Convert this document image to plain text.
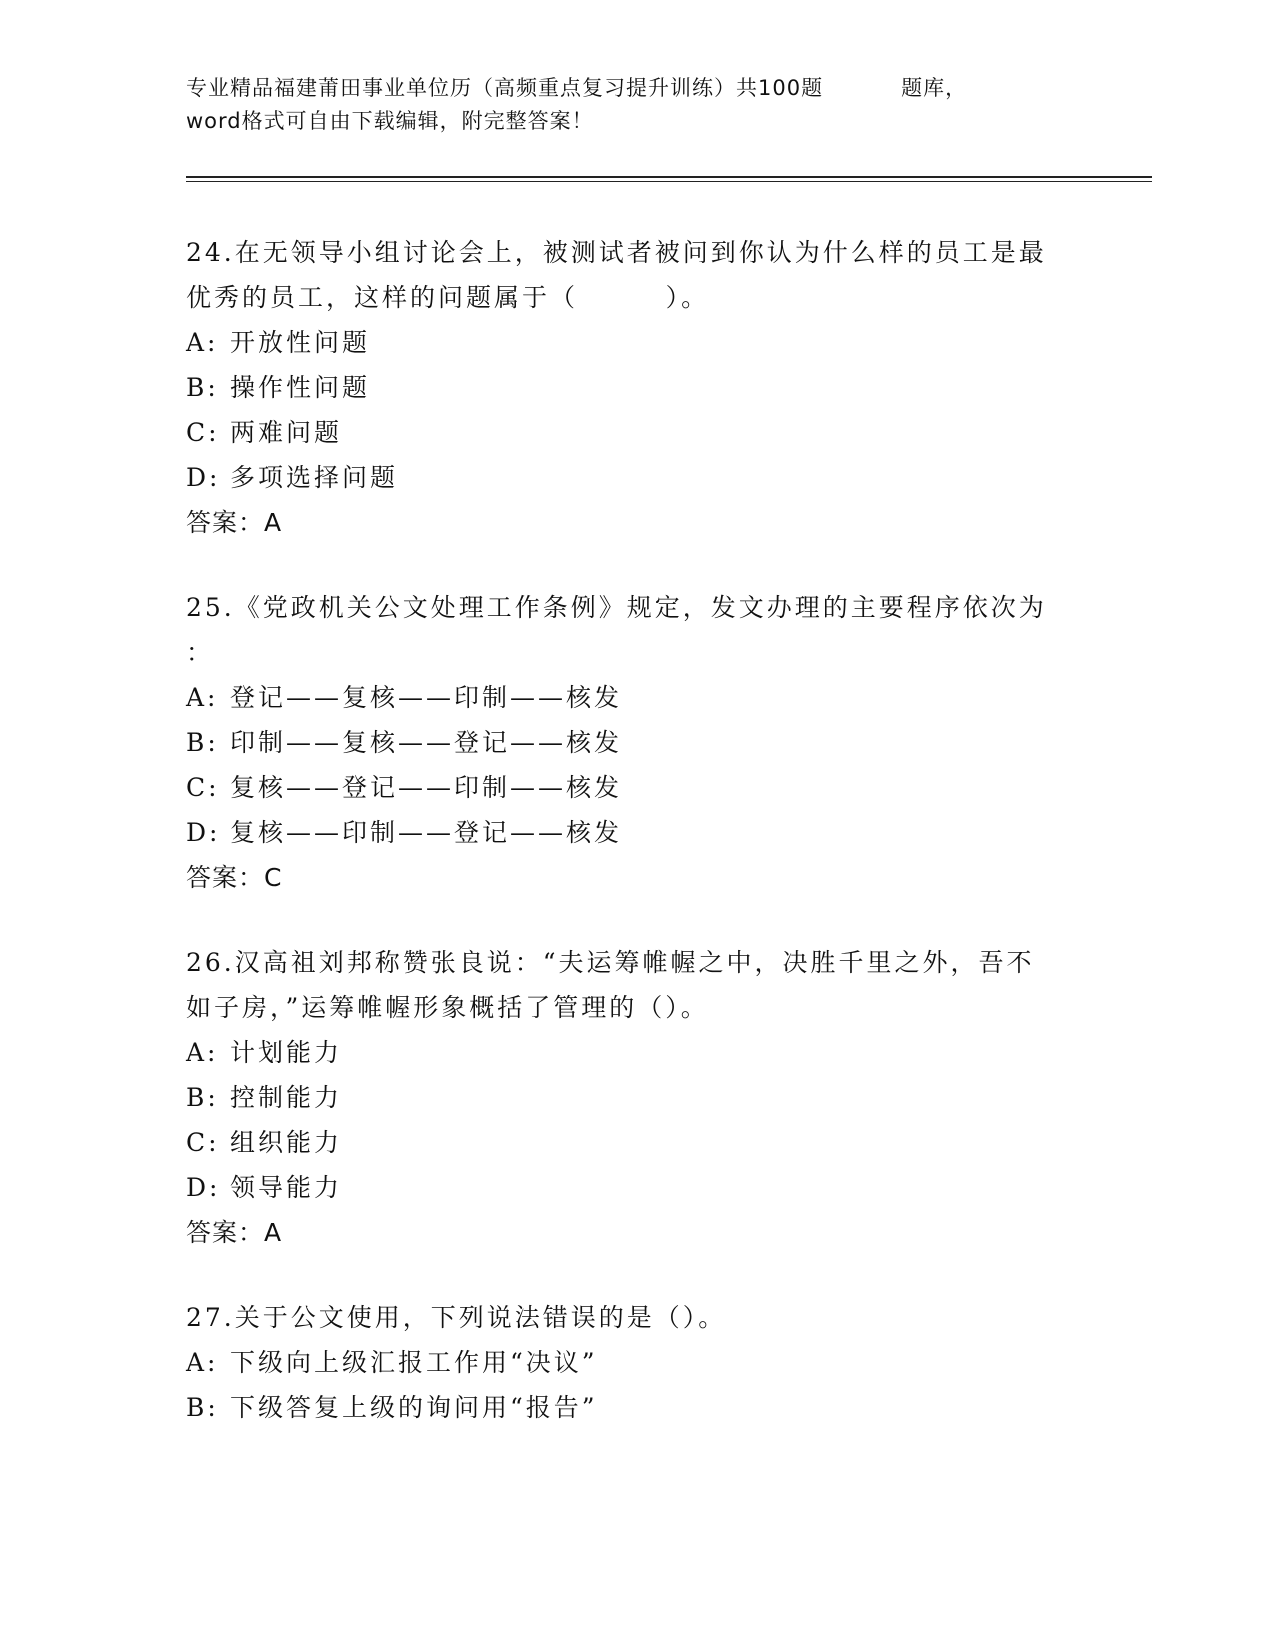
专业精品福建莆田事业单位历（高频重点复习提升训练）共100题	题库，
word格式可自由下载编辑，附完整答案！
24.在无领导小组讨论会上，被测试者被问到你认为什么样的员工是最
优秀的员工，这样的问题属于（        ）。
A: 开放性问题
B: 操作性问题
C: 两难问题
D: 多项选择问题
答案：A
25.《党政机关公文处理工作条例》规定，发文办理的主要程序依次为
：
A: 登记——复核——印制——核发
B: 印制——复核——登记——核发
C: 复核——登记——印制——核发
D: 复核——印制——登记——核发
答案：C
26.汉高祖刘邦称赞张良说：“夫运筹帷幄之中，决胜千里之外，吾不
如子房，”运筹帷幄形象概括了管理的（）。
A: 计划能力
B: 控制能力
C: 组织能力
D: 领导能力
答案：A
27.关于公文使用，下列说法错误的是（）。
A: 下级向上级汇报工作用“决议”
B: 下级答复上级的询问用“报告”
